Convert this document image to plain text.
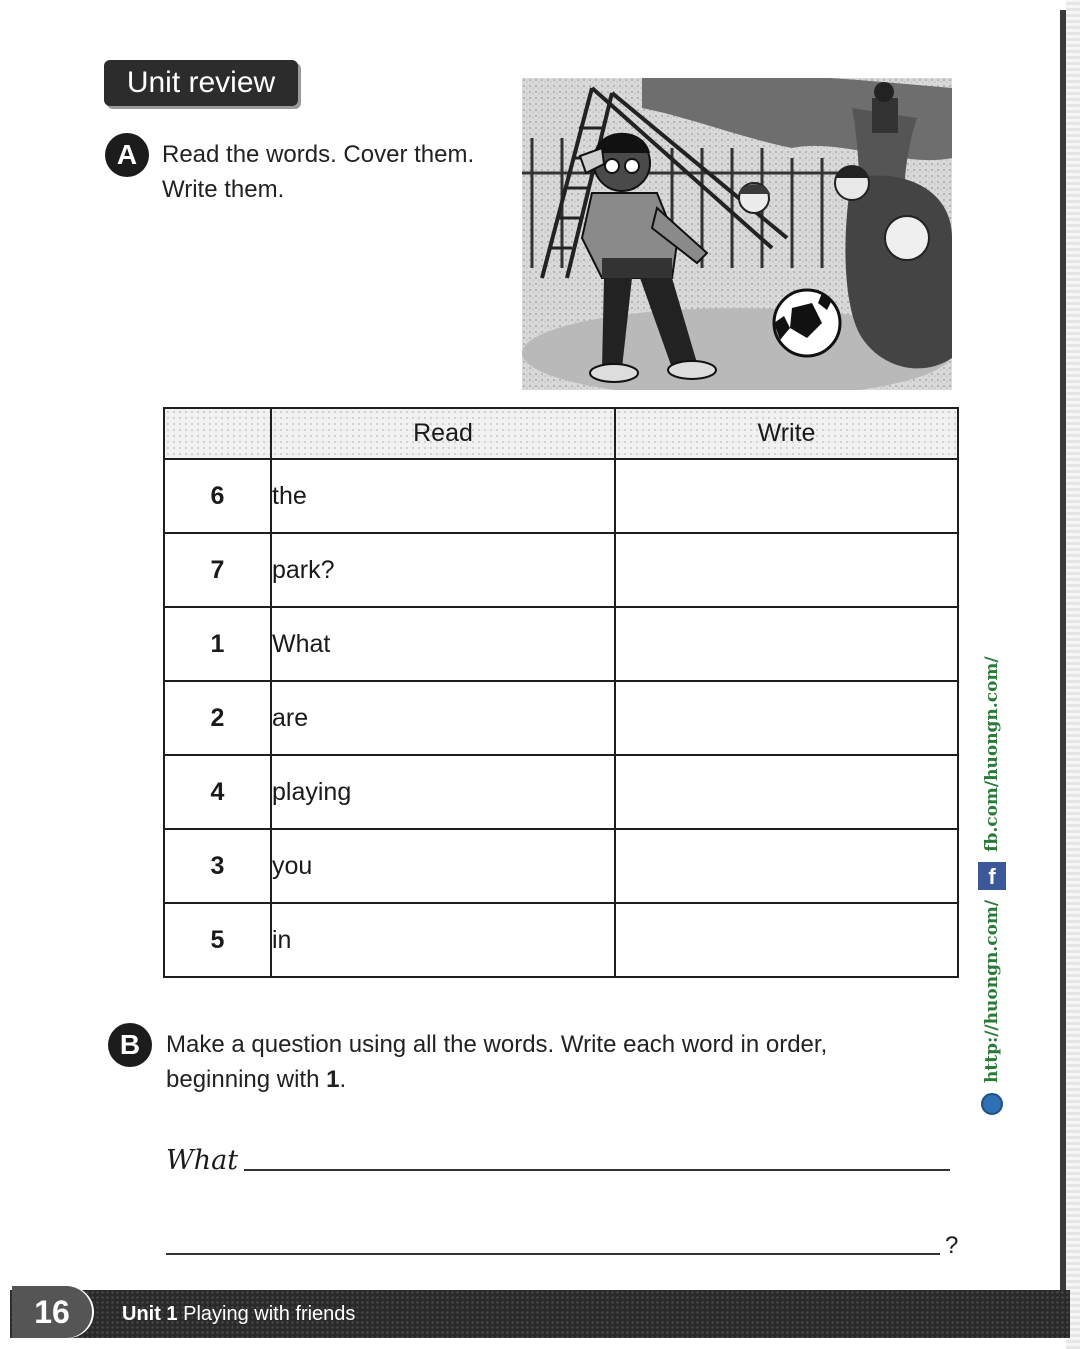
Unit review
A	Read the words. Cover them.
Write them.
	Read	Write
6	the	
7	park?	
1	What	
2	are	
4	playing	
3	you	
5	in	
B	Make a question using all the words. Write each word in order,
beginning with 1.
What
?
http://huongn.com/
f
fb.com/huongn.com/
16	Unit 1 Playing with friends
